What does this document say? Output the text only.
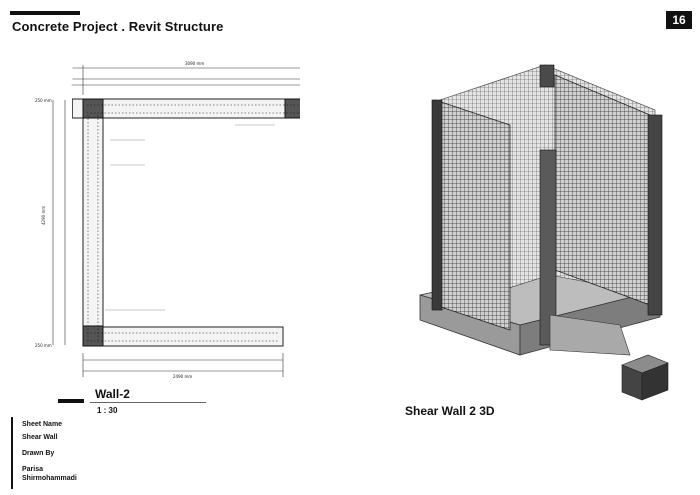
Concrete Project . Revit Structure	16
3090 mm
2490 mm
4290 mm
250 mm
250 mm
Wall-2
1 : 30	Shear Wall 2 3D
Sheet Name
Shear Wall
Drawn By
Parisa Shirmohammadi
